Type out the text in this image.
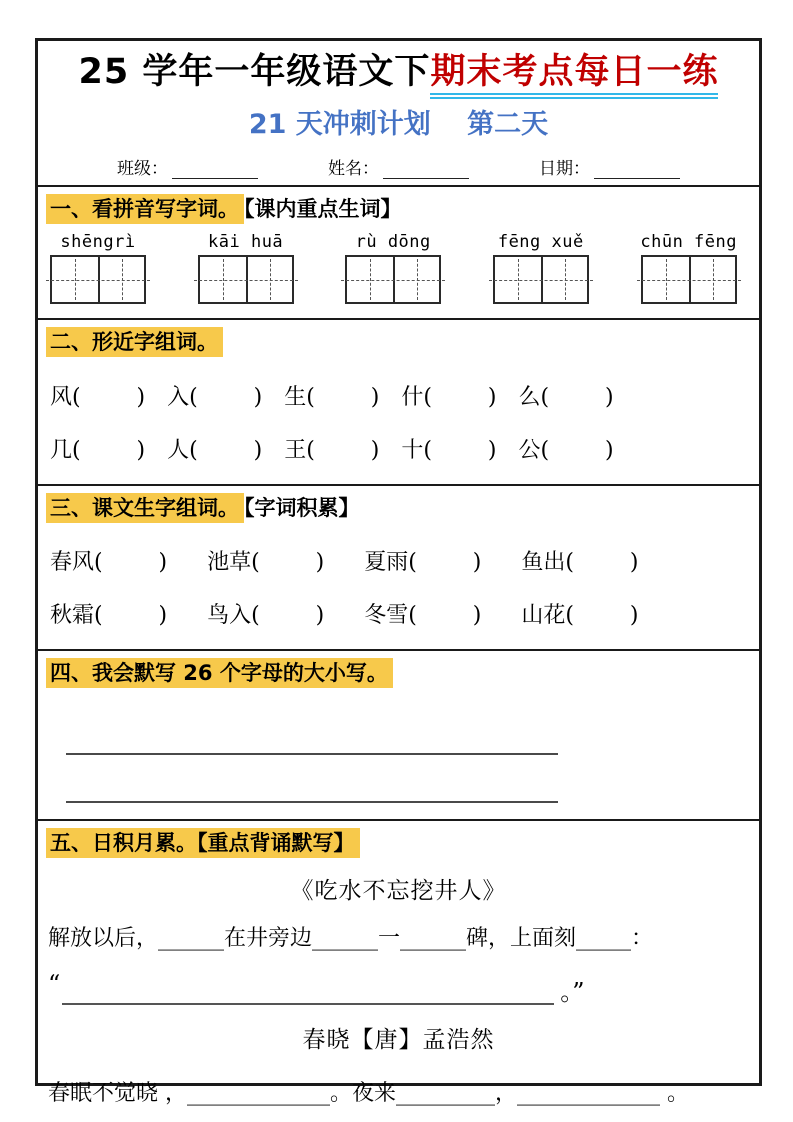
25 学年一年级语文下期末考点每日一练
21 天冲刺计划　 第二天
班级：	姓名：	日期：
一、看拼音写字词。 【课内重点生词】
shēngrì	kāi huā	rù dōng	fēng xuě	chūn fēng
二、形近字组词。
风(        ) 入(        ) 生(        ) 什(        ) 么(        )
几(        ) 人(        ) 王(        ) 十(        ) 公(        )
三、课文生字组词。 【字词积累】
春风(        ) 池草(        ) 夏雨(        ) 鱼出(        )
秋霜(        ) 鸟入(        ) 冬雪(        ) 山花(        )
四、我会默写 26 个字母的大小写。
五、日积月累。【重点背诵默写】
《吃水不忘挖井人》
解放以后，______在井旁边______一______碑，上面刻_____：
“	。”
春晓【唐】孟浩然
春眠不觉晓 ，_____________。夜来_________，_____________ 。
